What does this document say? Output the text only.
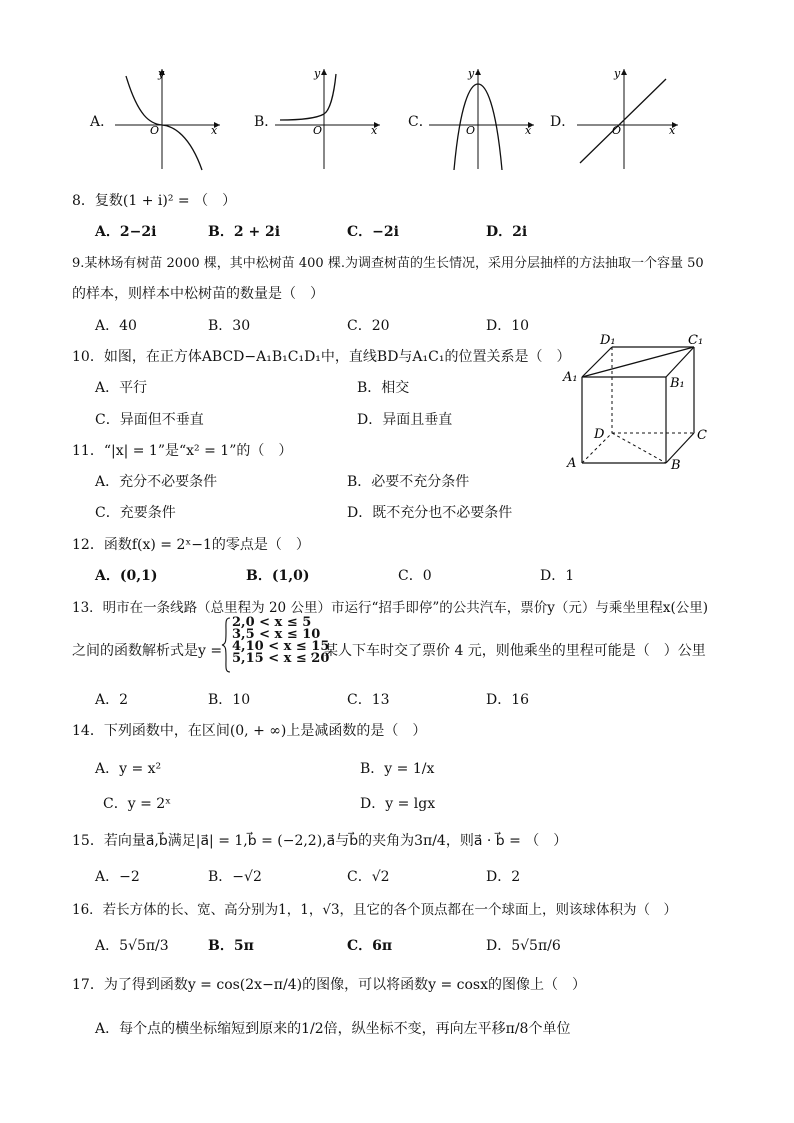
A．
y
x
O
B．
y
x
O
C．
y
x
O
D．
y
x
O
8．复数(1 + i)² = （　）
A．2−2i	B．2 + 2i	C．−2i	D．2i
9.某林场有树苗 2000 棵，其中松树苗 400 棵.为调查树苗的生长情况，采用分层抽样的方法抽取一个容量 50
的样本，则样本中松树苗的数量是（　）
A．40	B．30	C．20	D．10
10．如图，在正方体ABCD−A₁B₁C₁D₁中，直线BD与A₁C₁的位置关系是（　）
A．平行	B．相交
C．异面但不垂直	D．异面且垂直
D₁	C₁
A₁	B₁
D	C
A	B
11．“|x| = 1”是“x² = 1”的（　）
A．充分不必要条件	B．必要不充分条件
C．充要条件	D．既不充分也不必要条件
12．函数f(x) = 2ˣ−1的零点是（　）
A．(0,1)	B．(1,0)	C．0	D．1
13．明市在一条线路（总里程为 20 公里）市运行“招手即停”的公共汽车，票价y（元）与乘坐里程x(公里)
之间的函数解析式是y =
2,0 < x ≤ 5
3,5 < x ≤ 10
4,10 < x ≤ 15
5,15 < x ≤ 20
，某人下车时交了票价 4 元，则他乘坐的里程可能是（　）公里
A．2	B．10	C．13	D．16
14．下列函数中，在区间(0, + ∞)上是减函数的是（　）
A．y = x²	B．y = 1/x
C．y = 2ˣ	D．y = lgx
15．若向量a⃗,b⃗满足|a⃗| = 1,b⃗ = (−2,2),a⃗与b⃗的夹角为3π/4，则a⃗ · b⃗ = （　）
A．−2	B．−√2	C．√2	D．2
16．若长方体的长、宽、高分别为1，1，√3，且它的各个顶点都在一个球面上，则该球体积为（　）
A．5√5π/3	B．5π	C．6π	D．5√5π/6
17．为了得到函数y = cos(2x−π/4)的图像，可以将函数y = cosx的图像上（　）
A．每个点的横坐标缩短到原来的1/2倍，纵坐标不变，再向左平移π/8个单位
